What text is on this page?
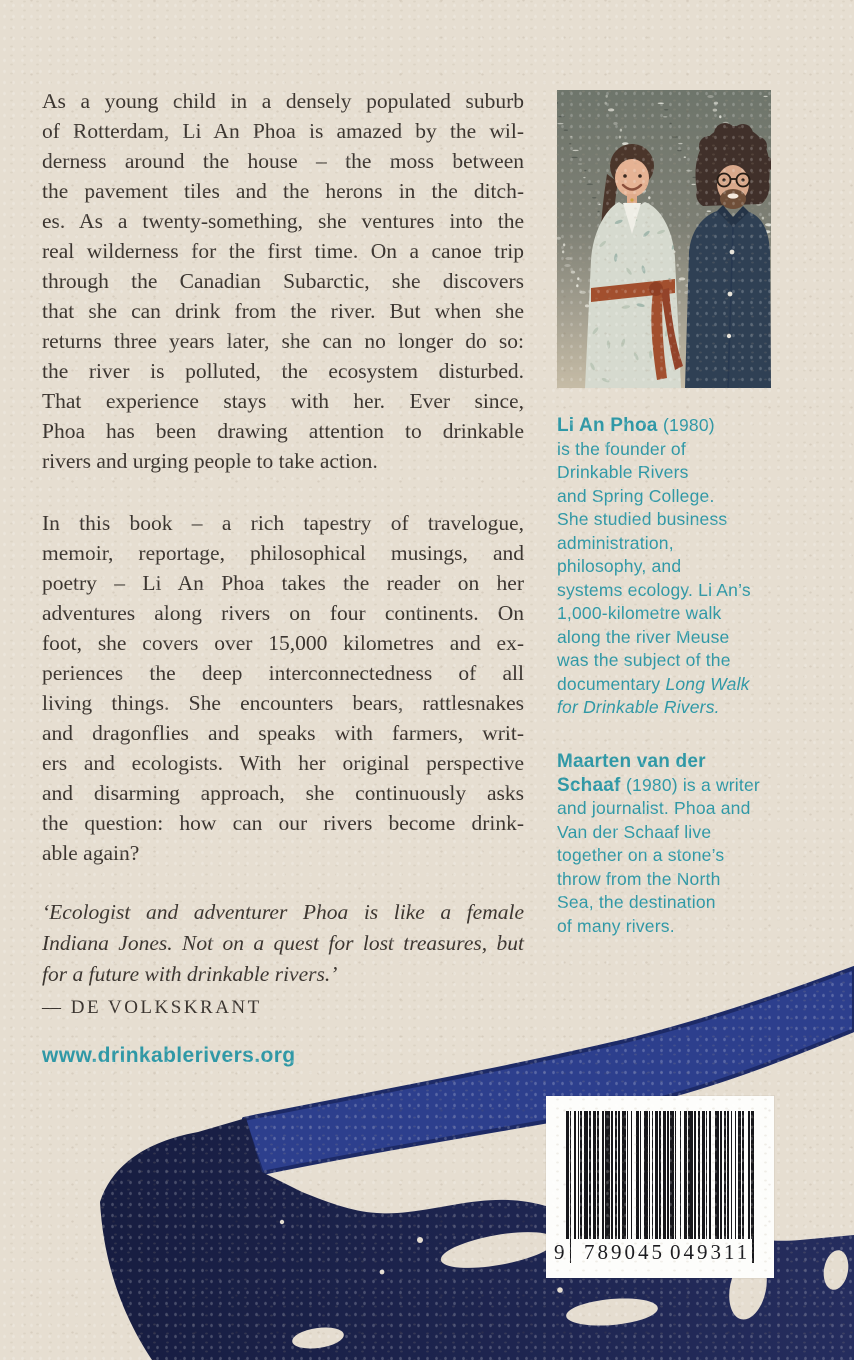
As a young child in a densely populated suburb
of Rotterdam, Li An Phoa is amazed by the wil-
derness around the house – the moss between
the pavement tiles and the herons in the ditch-
es. As a twenty-something, she ventures into the
real wilderness for the first time. On a canoe trip
through the Canadian Subarctic, she discovers
that she can drink from the river. But when she
returns three years later, she can no longer do so:
the river is polluted, the ecosystem disturbed.
That experience stays with her. Ever since,
Phoa has been drawing attention to drinkable
rivers and urging people to take action.
In this book – a rich tapestry of travelogue,
memoir, reportage, philosophical musings, and
poetry – Li An Phoa takes the reader on her
adventures along rivers on four continents. On
foot, she covers over 15,000 kilometres and ex-
periences the deep interconnectedness of all
living things. She encounters bears, rattlesnakes
and dragonflies and speaks with farmers, writ-
ers and ecologists. With her original perspective
and disarming approach, she continuously asks
the question: how can our rivers become drink-
able again?
‘Ecologist and adventurer Phoa is like a female
Indiana Jones. Not on a quest for lost treasures, but
for a future with drinkable rivers.’
— DE VOLKSKRANT
www.drinkablerivers.org
Li An Phoa (1980)
is the founder of
Drinkable Rivers
and Spring College.
She studied business
administration,
philosophy, and
systems ecology. Li An’s
1,000-kilometre walk
along the river Meuse
was the subject of the
documentary Long Walk
for Drinkable Rivers.
Maarten van der
Schaaf (1980) is a writer
and journalist. Phoa and
Van der Schaaf live
together on a stone’s
throw from the North
Sea, the destination
of many rivers.
9 789045 049311
